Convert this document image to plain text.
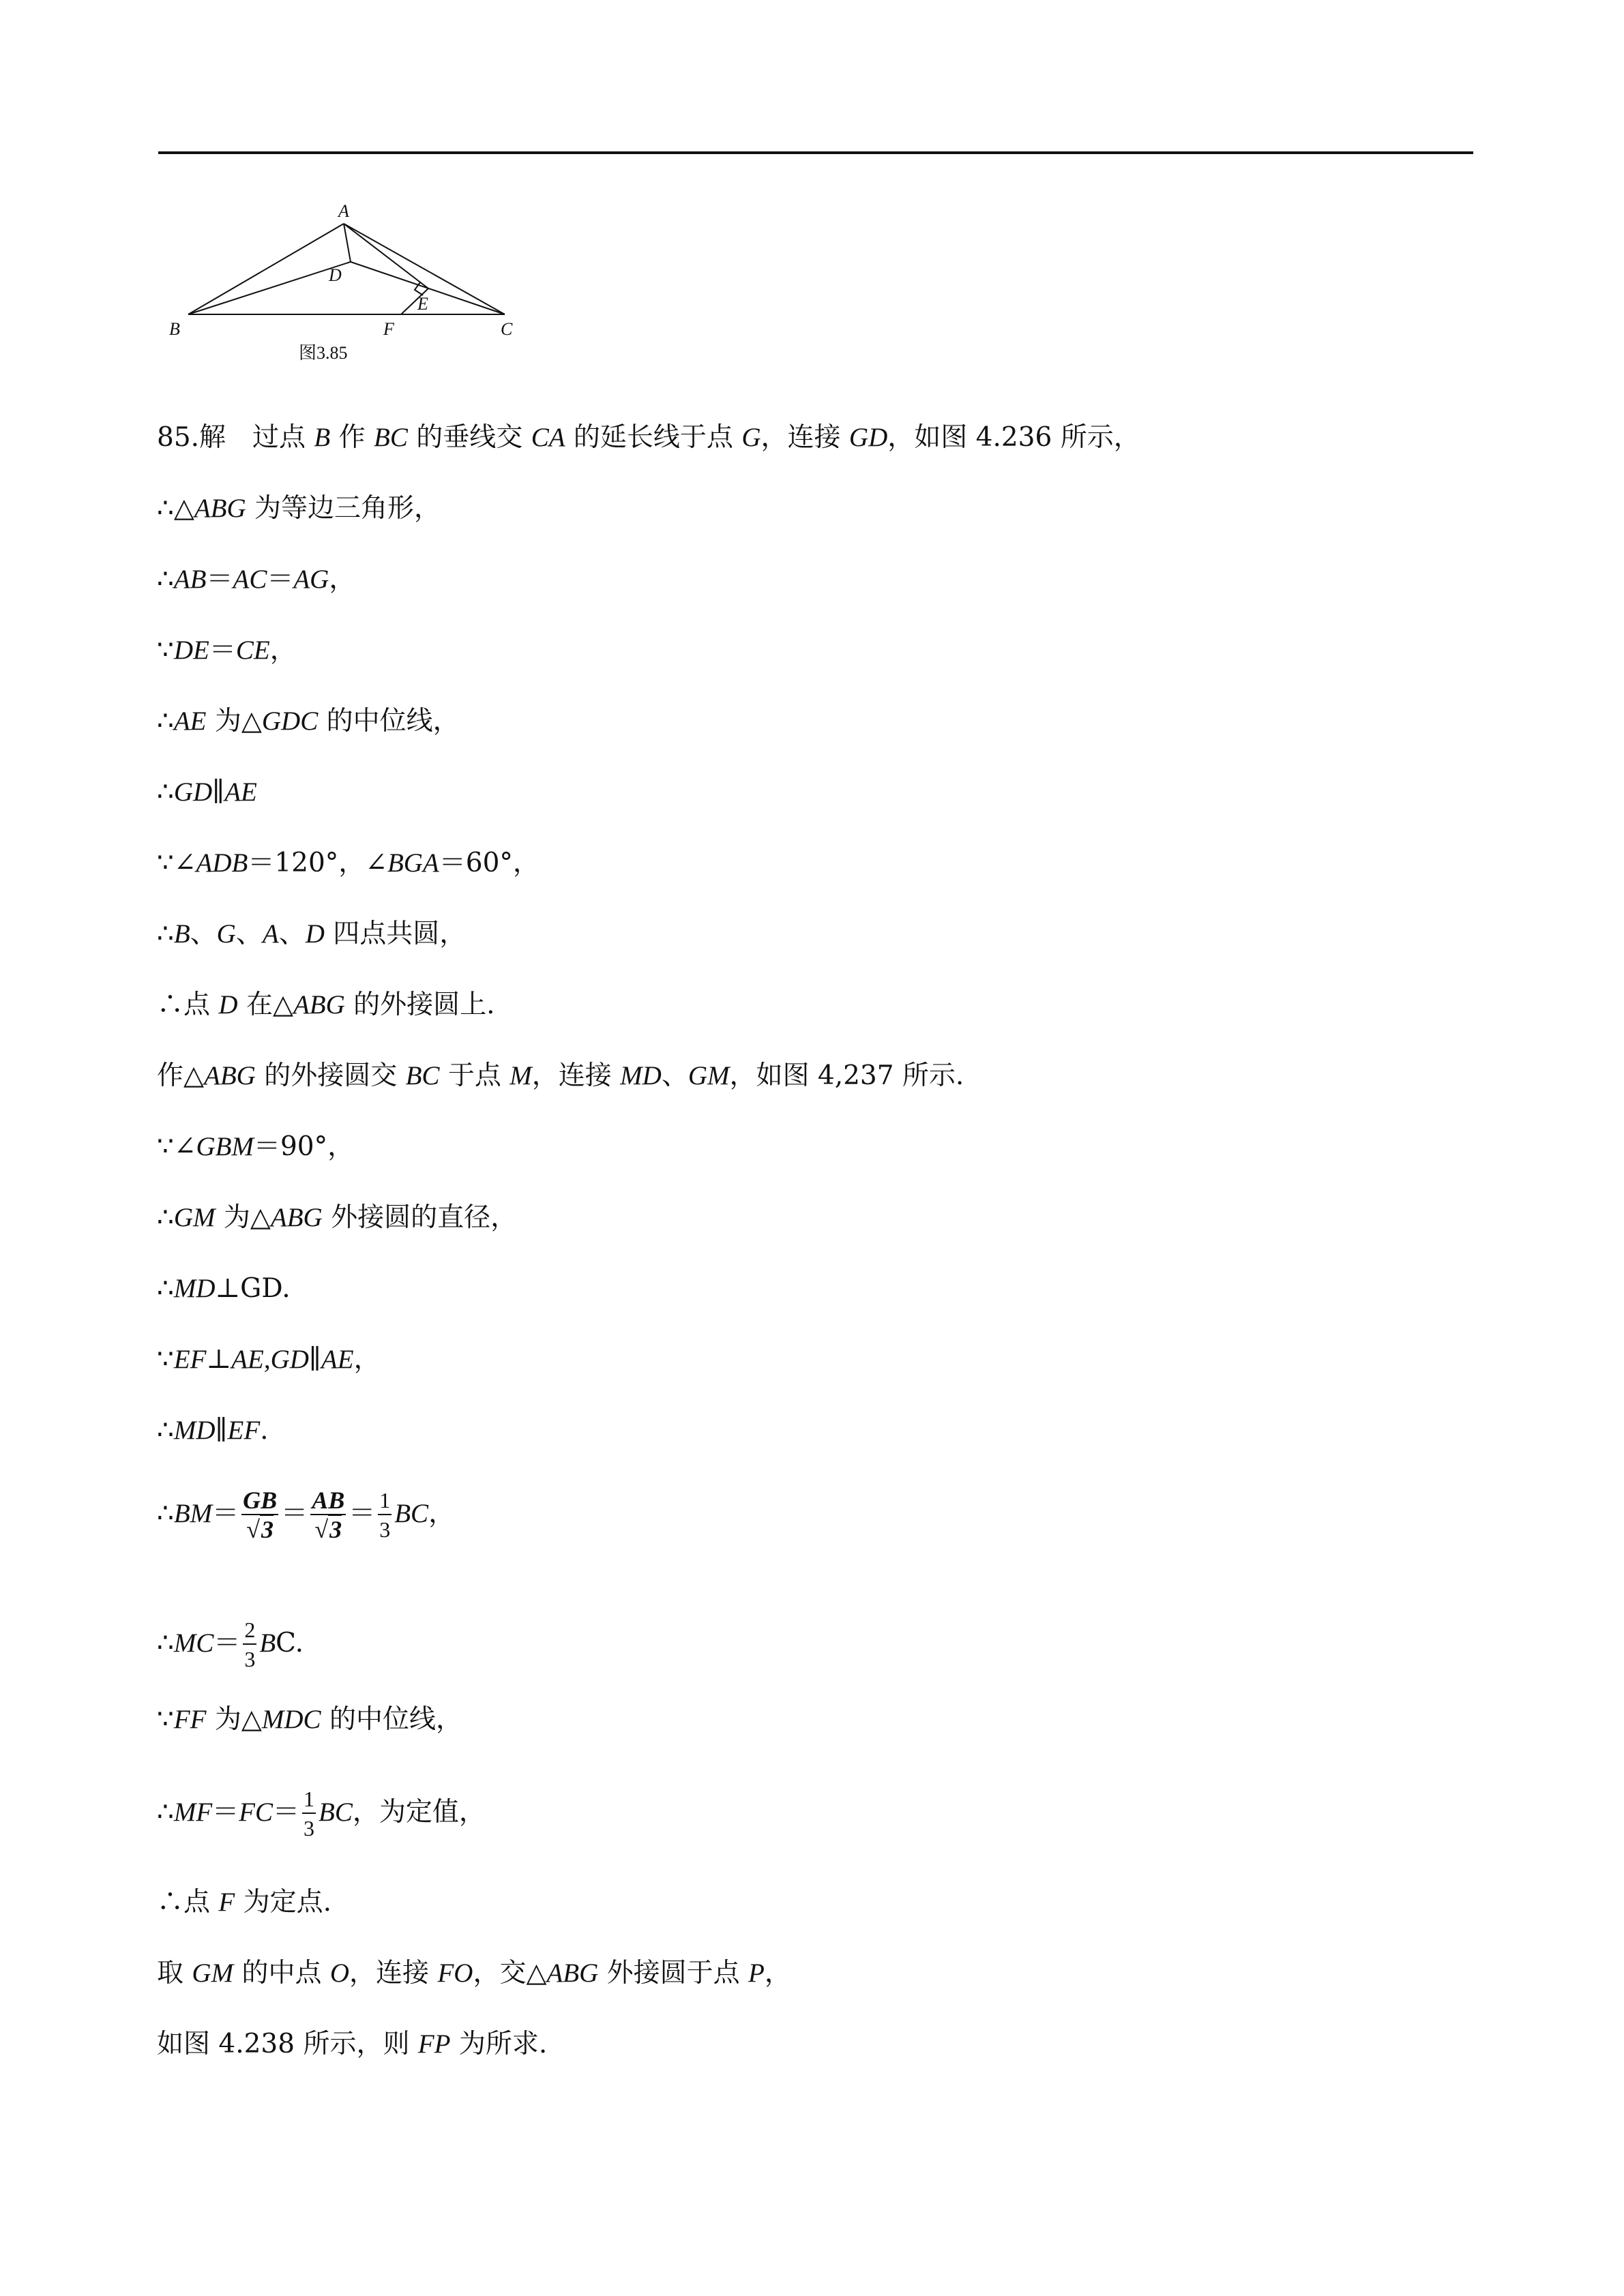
A
B	C
D
E
F
图3.85
85.解　过点 B 作 BC 的垂线交 CA 的延长线于点 G，连接 GD，如图 4.236 所示，
∴△ABG 为等边三角形，
∴AB＝AC＝AG，
∵DE＝CE，
∴AE 为△GDC 的中位线，
∴GD∥AE
∵∠ADB＝120°，∠BGA＝60°，
∴B、G、A、D 四点共圆，
∴点 D 在△ABG 的外接圆上.
作△ABG 的外接圆交 BC 于点 M，连接 MD、GM，如图 4,237 所示.
∵∠GBM＝90°，
∴GM 为△ABG 外接圆的直径，
∴MD⊥GD.
∵EF⊥AE,GD∥AE，
∴MD∥EF.
∴BM＝ $\frac{GB}{√3} = \frac{AB}{√3} = \frac{1}{3}$ BC，
∴MC＝ $\frac{2}{3}$ BC.
∵FF 为△MDC 的中位线，
∴MF＝FC＝ $\frac{1}{3}$ BC，为定值，
∴点 F 为定点.
取 GM 的中点 O，连接 FO，交△ABG 外接圆于点 P，
如图 4.238 所示，则 FP 为所求.
